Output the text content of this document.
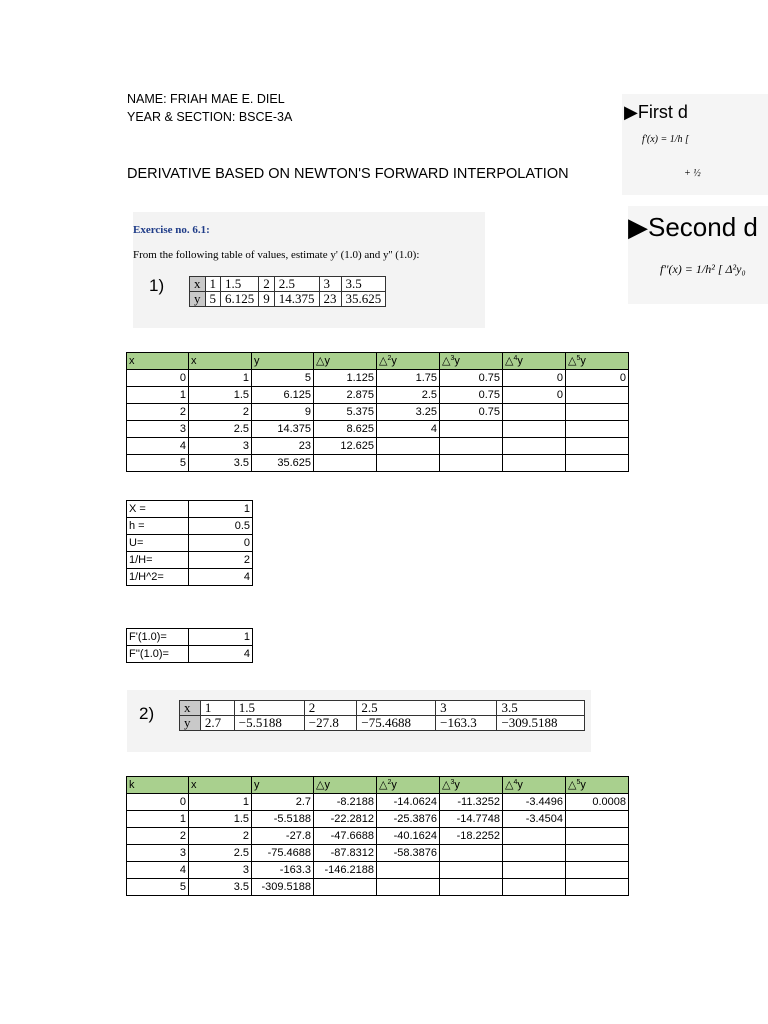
NAME: FRIAH MAE E. DIEL
YEAR & SECTION: BSCE-3A
DERIVATIVE BASED ON NEWTON'S FORWARD INTERPOLATION
Exercise no. 6.1:
From the following table of values, estimate y' (1.0) and y'' (1.0):
1) x	1	1.5	2	2.5	3	3.5
y	5	6.125	9	14.375	23	35.625
▶First d
f'(x) = 1/h [
+ ½
▶Second d
f''(x) = 1/h² [ Δ²y₀
x	x	y	△y	△$^2$y	△$^3$y	△$^4$y	△$^5$y
0	1	5	1.125	1.75	0.75	0	0
1	1.5	6.125	2.875	2.5	0.75	0	
2	2	9	5.375	3.25	0.75		
3	2.5	14.375	8.625	4			
4	3	23	12.625				
5	3.5	35.625					
X =	1
h =	0.5
U=	0
1/H=	2
1/H^2=	4
F'(1.0)=	1
F''(1.0)=	4
2) x	1	1.5	2	2.5	3	3.5
y	2.7	−5.5188	−27.8	−75.4688	−163.3	−309.5188
k	x	y	△y	△$^2$y	△$^3$y	△$^4$y	△$^5$y
0	1	2.7	-8.2188	-14.0624	-11.3252	-3.4496	0.0008
1	1.5	-5.5188	-22.2812	-25.3876	-14.7748	-3.4504	
2	2	-27.8	-47.6688	-40.1624	-18.2252		
3	2.5	-75.4688	-87.8312	-58.3876			
4	3	-163.3	-146.2188				
5	3.5	-309.5188					
